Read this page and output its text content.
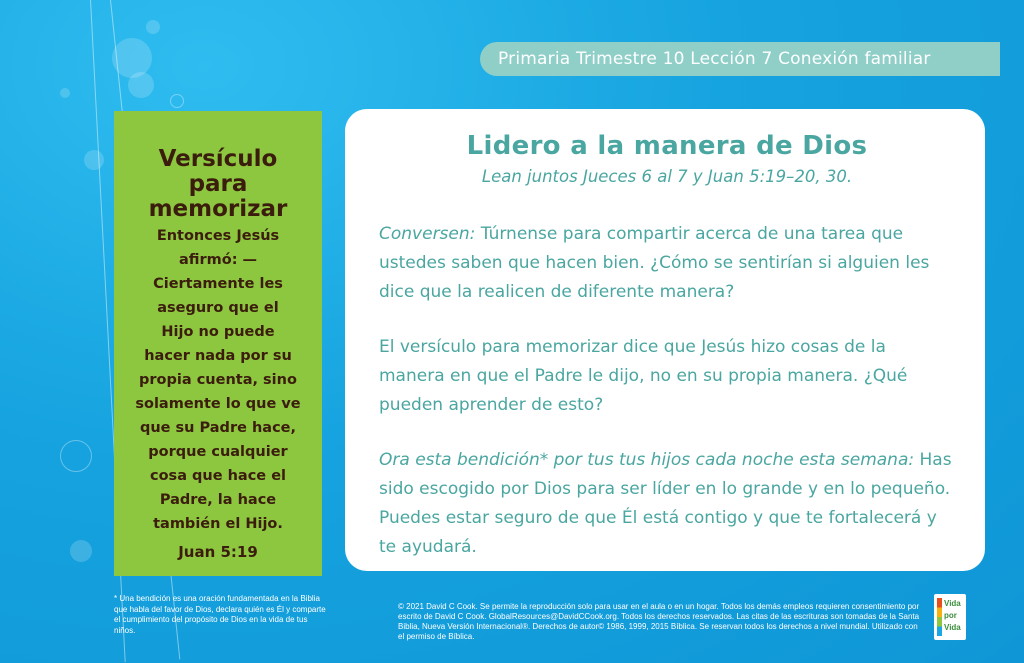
Primaria Trimestre 10 Lección 7 Conexión familiar
Versículo
para
memorizar
Entonces Jesús
afirmó: —
Ciertamente les
aseguro que el
Hijo no puede
hacer nada por su
propia cuenta, sino
solamente lo que ve
que su Padre hace,
porque cualquier
cosa que hace el
Padre, la hace
también el Hijo.
Juan 5:19
* Una bendición es una oración fundamentada en la Biblia que habla del favor de Dios, declara quién es Él y comparte el cumplimiento del propósito de Dios en la vida de tus niños.

Lidero a la manera de Dios

Lean juntos Jueces 6 al 7 y Juan 5:19–20, 30.

Conversen: Túrnense para compartir acerca de una tarea que ustedes saben que hacen bien. ¿Cómo se sentirían si alguien les dice que la realicen de diferente manera?

El versículo para memorizar dice que Jesús hizo cosas de la manera en que el Padre le dijo, no en su propia manera. ¿Qué pueden aprender de esto?

Ora esta bendición* por tus tus hijos cada noche esta semana: Has sido escogido por Dios para ser líder en lo grande y en lo pequeño. Puedes estar seguro de que Él está contigo y que te fortalecerá y te ayudará.

© 2021 David C Cook. Se permite la reproducción solo para usar en el aula o en un hogar. Todos los demás empleos requieren consentimiento por escrito de David C Cook. GlobalResources@DavidCCook.org. Todos los derechos reservados. Las citas de las escrituras son tomadas de la Santa Biblia, Nueva Versión Internacional®. Derechos de autor© 1986, 1999, 2015 Bíblica. Se reservan todos los derechos a nivel mundial. Utilizado con el permiso de Bíblica.
Vida
por
Vida
